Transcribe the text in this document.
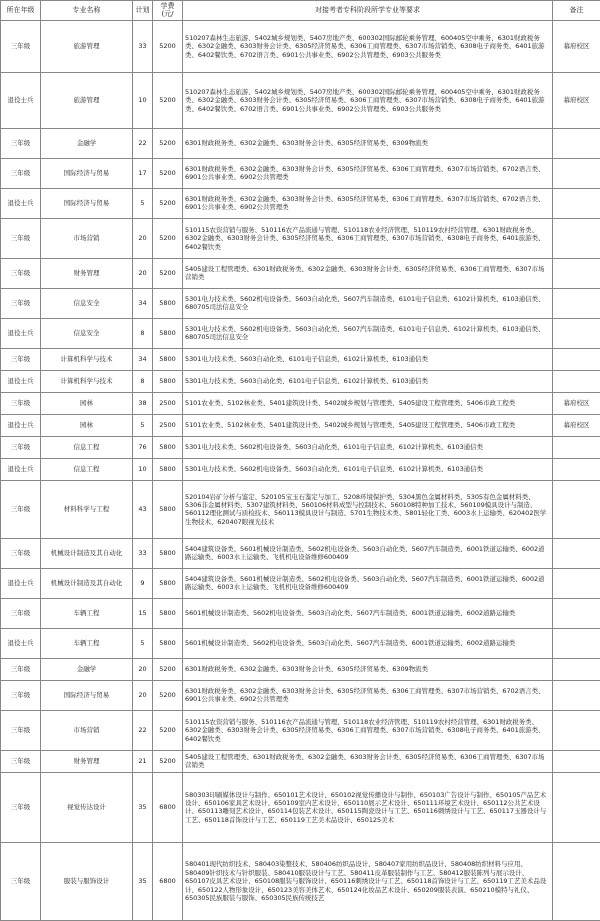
所在年级	专业名称	计划	学费(元/	对接考者专科阶段所学专业等要求	备注
三年级	旅游管理	33	5200	510207森林生态旅游、5402城乡规划类、5407房地产类、600302国际邮轮乘务管理、600405空中乘务、6301财政税务类、6302金融类、6303财务会计类、6305经济贸易类、6306工商管理类、6307市场营销类、6308电子商务类、6401旅游类、6402餐饮类、6702语言类、6901公共事业类、6902公共管理类、6903公共服务类	幕府校区
退役士兵	旅游管理	10	5200	510207森林生态旅游、5402城乡规划类、5407房地产类、600302国际邮轮乘务管理、600405空中乘务、6301财政税务类、6302金融类、6303财务会计类、6305经济贸易类、6306工商管理类、6307市场营销类、6308电子商务类、6401旅游类、6402餐饮类、6702语言类、6901公共事业类、6902公共管理类、6903公共服务类	幕府校区
三年级	金融学	22	5200	6301财政税务类、6302金融类、6303财务会计类、6305经济贸易类、6309物流类	
三年级	国际经济与贸易	17	5200	6301财政税务类、6302金融类、6303财务会计类、6305经济贸易类、6306工商管理类、6307市场营销类、6702语言类、6901公共事业类、6902公共管理类	
退役士兵	国际经济与贸易	5	5200	6301财政税务类、6302金融类、6303财务会计类、6305经济贸易类、6306工商管理类、6307市场营销类、6702语言类、6901公共事业类、6902公共管理类	
三年级	市场营销	20	5200	510115农资营销与服务、510116农产品流通与管理、510118农业经济管理、510119农村经营管理、6301财政税务类、6302金融类、6303财务会计类、6305经济贸易类、6306工商管理类、6307市场营销类、6308电子商务类、6401旅游类、6402餐饮类	
三年级	财务管理	20	5200	5405建设工程管理类、6301财政税务类、6302金融类、6303财务会计类、6305经济贸易类、6306工商管理类、6307市场营销类	
三年级	信息安全	34	5800	5301电力技术类、5602机电设备类、5603自动化类、5607汽车制造类、6101电子信息类、6102计算机类、6103通信类、680705司法信息安全	
退役士兵	信息安全	8	5800	5301电力技术类、5602机电设备类、5603自动化类、5607汽车制造类、6101电子信息类、6102计算机类、6103通信类、680705司法信息安全	
三年级	计算机科学与技术	34	5800	5301电力技术类、5603自动化类、6101电子信息类、6102计算机类、6103通信类	
退役士兵	计算机科学与技术	8	5800	5301电力技术类、5603自动化类、6101电子信息类、6102计算机类、6103通信类	
三年级	园林	38	2500	5101农业类、5102林业类、5401建筑设计类、5402城乡规划与管理类、5405建设工程管理类、5406市政工程类	幕府校区
退役士兵	园林	5	2500	5101农业类、5102林业类、5401建筑设计类、5402城乡规划与管理类、5405建设工程管理类、5406市政工程类	幕府校区
三年级	信息工程	76	5800	5301电力技术类、5602机电设备类、5603自动化类、6101电子信息类、6102计算机类、6103通信类	
退役士兵	信息工程	10	5800	5301电力技术类、5602机电设备类、5603自动化类、6101电子信息类、6102计算机类、6103通信类	
三年级	材料科学与工程	43	5800	520104岩矿分析与鉴定、520105宝玉石鉴定与加工、5208环境保护类、5304黑色金属材料类、5305有色金属材料类、5306非金属材料类、5307建筑材料类、560106材料成型与控制技术、560108特种加工技术、560109模具设计与制造、560112理化测试与质检技术、560113模具设计与制造、5701生物技术类、5801轻化工类、6003水上运输类、620402医学生物技术、620407眼视光技术	
三年级	机械设计制造及其自动化	33	5800	5404建筑设备类、5601机械设计制造类、5602机电设备类、5603自动化类、5607汽车制造类、6001铁道运输类、6002道路运输类、6003水上运输类、飞机机电设备维修600409	
退役士兵	机械设计制造及其自动化	9	5800	5404建筑设备类、5601机械设计制造类、5602机电设备类、5603自动化类、5607汽车制造类、6001铁道运输类、6002道路运输类、6003水上运输类、飞机机电设备维修600409	
三年级	车辆工程	15	5800	5601机械设计制造类、5602机电设备类、5603自动化类、5607汽车制造类、6001铁道运输类、6002道路运输类	
退役士兵	车辆工程	5	5800	5601机械设计制造类、5602机电设备类、5603自动化类、5607汽车制造类、6001铁道运输类、6002道路运输类	
三年级	金融学	20	5200	6301财政税务类、6302金融类、6303财务会计类、6305经济贸易类、6309物流类	
三年级	国际经济与贸易	20	5200	6301财政税务类、6302金融类、6303财务会计类、6305经济贸易类、6306工商管理类、6307市场营销类、6702语言类、6901公共事业类、6902公共管理类	
三年级	市场营销	22	5200	510115农资营销与服务、510116农产品流通与管理、510118农业经济管理、510119农村经营管理、6301财政税务类、6302金融类、6303财务会计类、6305经济贸易类、6306工商管理类、6307市场营销类、6308电子商务类、6401旅游类、6402餐饮类	
三年级	财务管理	21	5200	5405建设工程管理类、6301财政税务类、6302金融类、6303财务会计类、6305经济贸易类、6306工商管理类、6307市场营销类	
三年级	视觉传达设计	35	6800	580303印刷媒体设计与制作、650101艺术设计、650102视觉传播设计与制作、650103广告设计与制作、650105产品艺术设计、650106家具艺术设计、650109室内艺术设计、650110展示艺术设计、650111环境艺术设计、650112公共艺术设计、650113雕刻艺术设计、650114包装艺术设计、650115陶瓷设计与工艺、650116刺绣设计与工艺、650117玉器设计与工艺、650118首饰设计与工艺、650119工艺美术品设计、650125美术	
三年级	服装与服饰设计	35	6800	580401现代纺织技术、580403染整技术、580406纺织品设计、580407家用纺织品设计、580408纺织材料与应用、580409针织技术与针织服装、580410服装设计与工艺、580411皮革服装制作与工艺、580412服装陈列与展示设计、650107皮具艺术设计、650108服装与服饰设计、650116刺绣设计与工艺、650118首饰设计与工艺、650119工艺美术品设计、650122人物形象设计、650123美容美体艺术、650124化妆品艺术设计、650209服装表演、650210模特与礼仪、650305民族服装与服饰、650305民族传统技艺	
